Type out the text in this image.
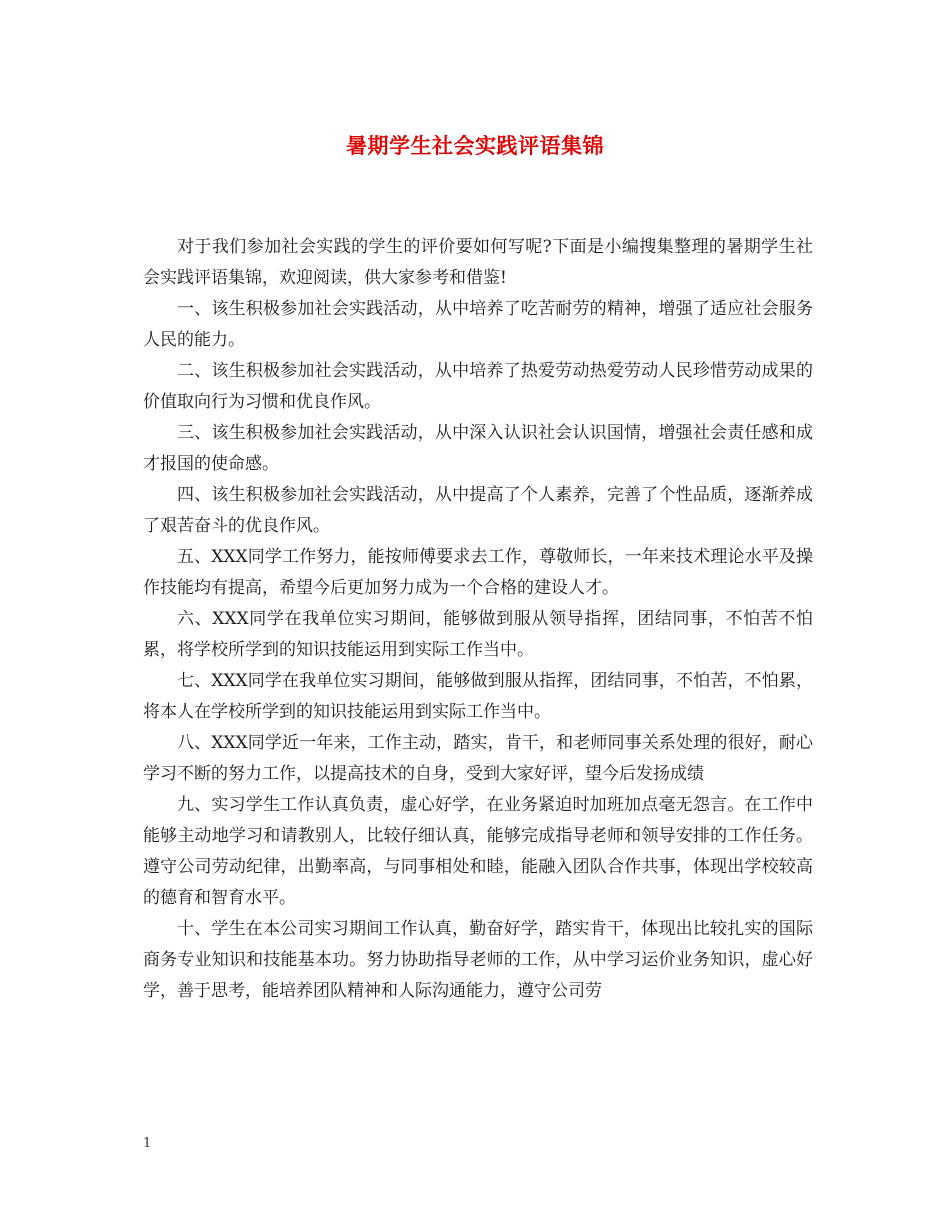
暑期学生社会实践评语集锦

对于我们参加社会实践的学生的评价要如何写呢?下面是小编搜集整理的暑期学生社会实践评语集锦，欢迎阅读，供大家参考和借鉴!

一、该生积极参加社会实践活动，从中培养了吃苦耐劳的精神，增强了适应社会服务人民的能力。

二、该生积极参加社会实践活动，从中培养了热爱劳动热爱劳动人民珍惜劳动成果的价值取向行为习惯和优良作风。

三、该生积极参加社会实践活动，从中深入认识社会认识国情，增强社会责任感和成才报国的使命感。

四、该生积极参加社会实践活动，从中提高了个人素养，完善了个性品质，逐渐养成了艰苦奋斗的优良作风。

五、XXX同学工作努力，能按师傅要求去工作，尊敬师长，一年来技术理论水平及操作技能均有提高，希望今后更加努力成为一个合格的建设人才。

六、XXX同学在我单位实习期间，能够做到服从领导指挥，团结同事，不怕苦不怕累，将学校所学到的知识技能运用到实际工作当中。

七、XXX同学在我单位实习期间，能够做到服从指挥，团结同事，不怕苦，不怕累，将本人在学校所学到的知识技能运用到实际工作当中。

八、XXX同学近一年来，工作主动，踏实，肯干，和老师同事关系处理的很好，耐心学习不断的努力工作，以提高技术的自身，受到大家好评，望今后发扬成绩

九、实习学生工作认真负责，虚心好学，在业务紧迫时加班加点毫无怨言。在工作中能够主动地学习和请教别人，比较仔细认真，能够完成指导老师和领导安排的工作任务。遵守公司劳动纪律，出勤率高，与同事相处和睦，能融入团队合作共事，体现出学校较高的德育和智育水平。

十、学生在本公司实习期间工作认真，勤奋好学，踏实肯干，体现出比较扎实的国际商务专业知识和技能基本功。努力协助指导老师的工作，从中学习运价业务知识，虚心好学，善于思考，能培养团队精神和人际沟通能力，遵守公司劳

1
